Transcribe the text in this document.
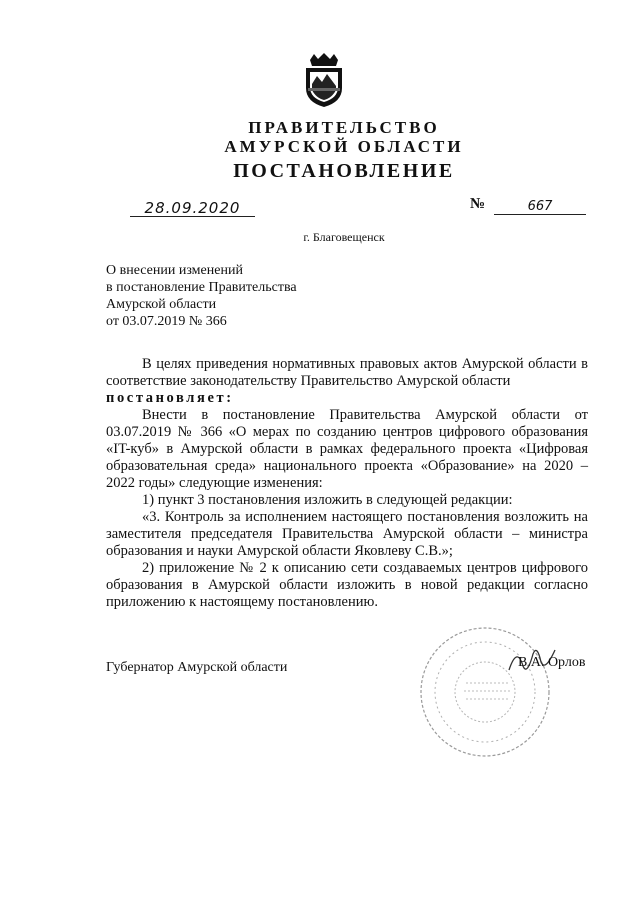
ПРАВИТЕЛЬСТВО
АМУРСКОЙ ОБЛАСТИ
ПОСТАНОВЛЕНИЕ
28.09.2020	№	667
г. Благовещенск
О внесении изменений
в постановление Правительства
Амурской области
от 03.07.2019 № 366
В целях приведения нормативных правовых актов Амурской области в соответствие законодательству Правительство Амурской области
постановляет:
Внести в постановление Правительства Амурской области от 03.07.2019 № 366 «О мерах по созданию центров цифрового образования «IT-куб» в Амурской области в рамках федерального проекта «Цифровая образовательная среда» национального проекта «Образование» на 2020 – 2022 годы» следующие изменения:
1) пункт 3 постановления изложить в следующей редакции:
«3. Контроль за исполнением настоящего постановления возложить на заместителя председателя Правительства Амурской области – министра образования и науки Амурской области Яковлеву С.В.»;
2) приложение № 2 к описанию сети создаваемых центров цифрового образования в Амурской области изложить в новой редакции согласно приложению к настоящему постановлению.
Губернатор Амурской области	В.А. Орлов
